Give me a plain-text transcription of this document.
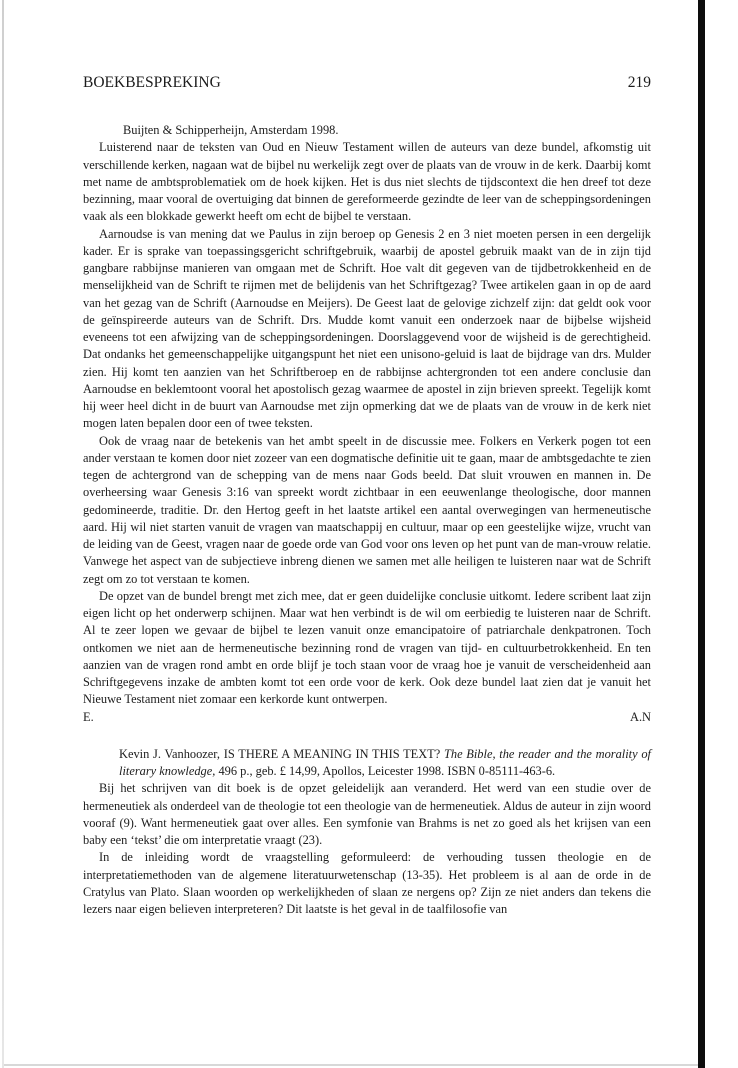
BOEKBESPREKING	219

Buijten & Schipperheijn, Amsterdam 1998.

Luisterend naar de teksten van Oud en Nieuw Testament willen de auteurs van deze bundel, afkomstig uit verschillende kerken, nagaan wat de bijbel nu werkelijk zegt over de plaats van de vrouw in de kerk. Daarbij komt met name de ambtsproblematiek om de hoek kijken. Het is dus niet slechts de tijdscontext die hen dreef tot deze bezinning, maar vooral de overtuiging dat binnen de gereformeerde gezindte de leer van de scheppingsordeningen vaak als een blokkade gewerkt heeft om echt de bijbel te verstaan.

Aarnoudse is van mening dat we Paulus in zijn beroep op Genesis 2 en 3 niet moeten persen in een dergelijk kader. Er is sprake van toepassingsgericht schriftgebruik, waarbij de apostel gebruik maakt van de in zijn tijd gangbare rabbijnse manieren van omgaan met de Schrift. Hoe valt dit gegeven van de tijdbetrokkenheid en de menselijkheid van de Schrift te rijmen met de belijdenis van het Schriftgezag? Twee artikelen gaan in op de aard van het gezag van de Schrift (Aarnoudse en Meijers). De Geest laat de gelovige zichzelf zijn: dat geldt ook voor de geïnspireerde auteurs van de Schrift. Drs. Mudde komt vanuit een onderzoek naar de bijbelse wijsheid eveneens tot een afwijzing van de scheppingsordeningen. Doorslaggevend voor de wijsheid is de gerechtigheid. Dat ondanks het gemeenschappelijke uitgangspunt het niet een unisono-geluid is laat de bijdrage van drs. Mulder zien. Hij komt ten aanzien van het Schriftberoep en de rabbijnse achtergronden tot een andere conclusie dan Aarnoudse en beklemtoont vooral het apostolisch gezag waarmee de apostel in zijn brieven spreekt. Tegelijk komt hij weer heel dicht in de buurt van Aarnoudse met zijn opmerking dat we de plaats van de vrouw in de kerk niet mogen laten bepalen door een of twee teksten.

Ook de vraag naar de betekenis van het ambt speelt in de discussie mee. Folkers en Verkerk pogen tot een ander verstaan te komen door niet zozeer van een dogmatische definitie uit te gaan, maar de ambtsgedachte te zien tegen de achtergrond van de schepping van de mens naar Gods beeld. Dat sluit vrouwen en mannen in. De overheersing waar Genesis 3:16 van spreekt wordt zichtbaar in een eeuwenlange theologische, door mannen gedomineerde, traditie. Dr. den Hertog geeft in het laatste artikel een aantal overwegingen van hermeneutische aard. Hij wil niet starten vanuit de vragen van maatschappij en cultuur, maar op een geestelijke wijze, vrucht van de leiding van de Geest, vragen naar de goede orde van God voor ons leven op het punt van de man-vrouw relatie. Vanwege het aspect van de subjectieve inbreng dienen we samen met alle heiligen te luisteren naar wat de Schrift zegt om zo tot verstaan te komen.

De opzet van de bundel brengt met zich mee, dat er geen duidelijke conclusie uitkomt. Iedere scribent laat zijn eigen licht op het onderwerp schijnen. Maar wat hen verbindt is de wil om eerbiedig te luisteren naar de Schrift. Al te zeer lopen we gevaar de bijbel te lezen vanuit onze emancipatoire of patriarchale denkpatronen. Toch ontkomen we niet aan de hermeneutische bezinning rond de vragen van tijd- en cultuurbetrokkenheid. En ten aanzien van de vragen rond ambt en orde blijf je toch staan voor de vraag hoe je vanuit de verscheidenheid aan Schriftgegevens inzake de ambten komt tot een orde voor de kerk. Ook deze bundel laat zien dat je vanuit het Nieuwe Testament niet zomaar een kerkorde kunt ontwerpen.

E.	A.N

Kevin J. Vanhoozer, IS THERE A MEANING IN THIS TEXT? The Bible, the reader and the morality of literary knowledge, 496 p., geb. £ 14,99, Apollos, Leicester 1998. ISBN 0-85111-463-6.

Bij het schrijven van dit boek is de opzet geleidelijk aan veranderd. Het werd van een studie over de hermeneutiek als onderdeel van de theologie tot een theologie van de hermeneutiek. Aldus de auteur in zijn woord vooraf (9). Want hermeneutiek gaat over alles. Een symfonie van Brahms is net zo goed als het krijsen van een baby een ‘tekst’ die om interpretatie vraagt (23).

In de inleiding wordt de vraagstelling geformuleerd: de verhouding tussen theologie en de interpretatiemethoden van de algemene literatuurwetenschap (13-35). Het probleem is al aan de orde in de Cratylus van Plato. Slaan woorden op werkelijkheden of slaan ze nergens op? Zijn ze niet anders dan tekens die lezers naar eigen believen interpreteren? Dit laatste is het geval in de taalfilosofie van
